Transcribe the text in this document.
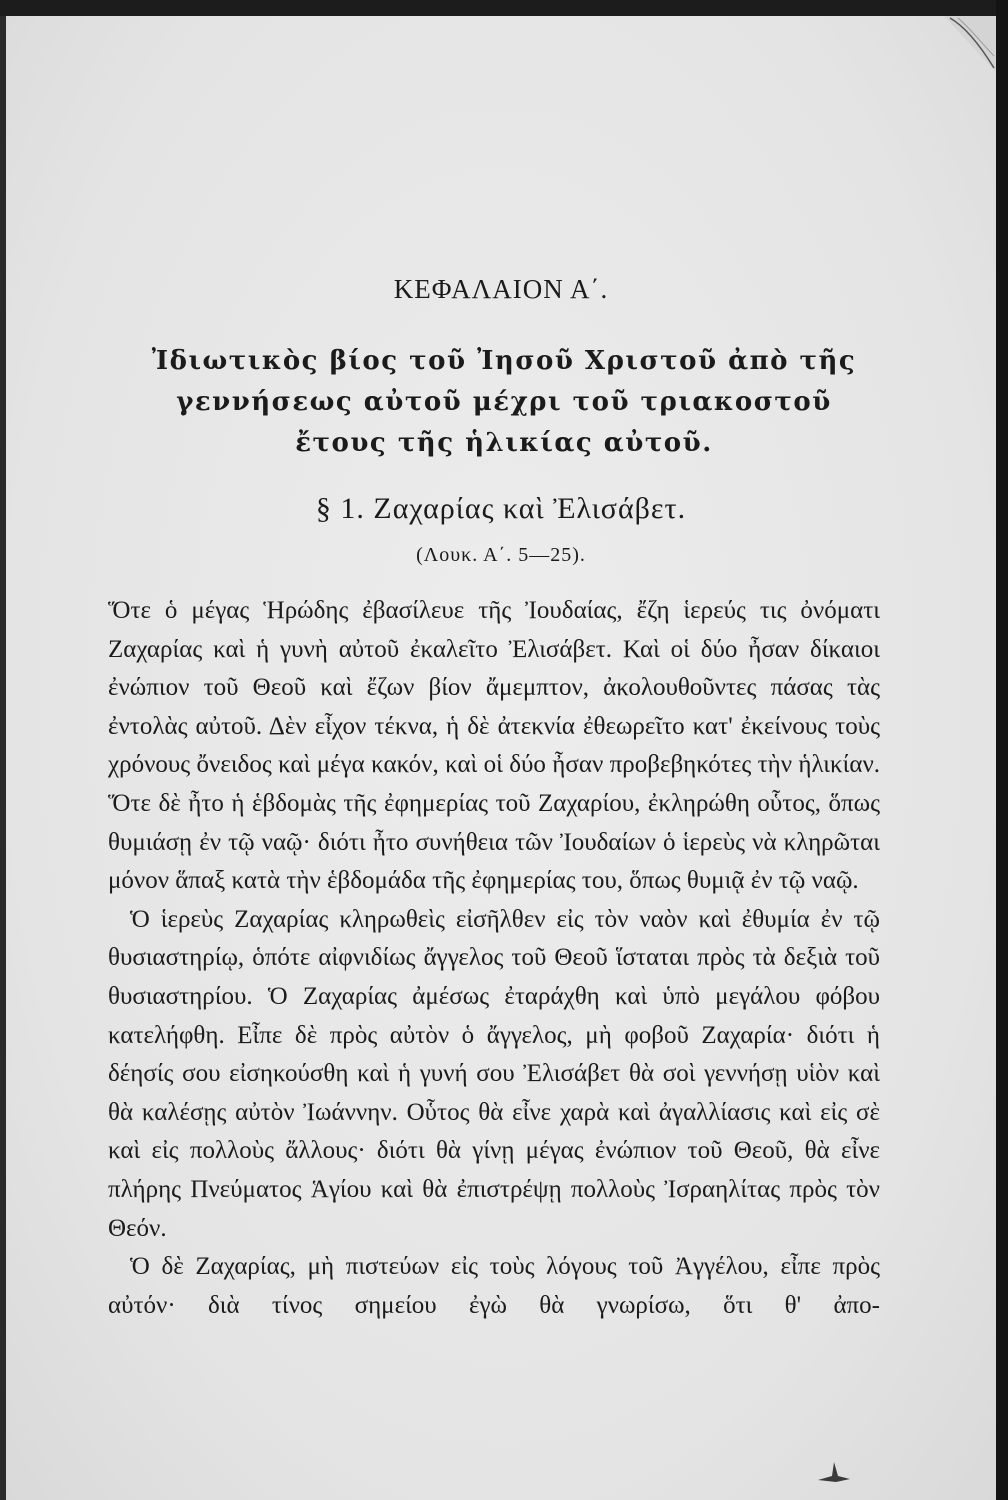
ΚΕΦΑΛΑΙΟΝ Α΄.
Ἰδιωτικὸς βίος τοῦ Ἰησοῦ Χριστοῦ ἀπὸ τῆς
γεννήσεως αὐτοῦ μέχρι τοῦ τριακοστοῦ
ἔτους τῆς ἡλικίας αὐτοῦ.
§ 1. Ζαχαρίας καὶ Ἐλισάβετ.
(Λουκ. Α΄. 5—25).

Ὅτε ὁ μέγας Ἡρώδης ἐβασίλευε τῆς Ἰουδαίας, ἔζη ἱερεύς τις ὀνόματι Ζαχαρίας καὶ ἡ γυνὴ αὐτοῦ ἐκαλεῖτο Ἐλισάβετ. Καὶ οἱ δύο ἦσαν δίκαιοι ἐνώπιον τοῦ Θεοῦ καὶ ἔζων βίον ἄμεμπτον, ἀκολουθοῦντες πάσας τὰς ἐντολὰς αὐτοῦ. Δὲν εἶχον τέκνα, ἡ δὲ ἀτεκνία ἐθεωρεῖτο κατ' ἐκείνους τοὺς χρόνους ὄνειδος καὶ μέγα κακόν, καὶ οἱ δύο ἦσαν προβεβηκότες τὴν ἡλικίαν. Ὅτε δὲ ἦτο ἡ ἑβδομὰς τῆς ἐφημερίας τοῦ Ζαχαρίου, ἐκληρώθη οὗτος, ὅπως θυμιάσῃ ἐν τῷ ναῷ· διότι ἦτο συνήθεια τῶν Ἰουδαίων ὁ ἱερεὺς νὰ κληρῶται μόνον ἅπαξ κατὰ τὴν ἑβδομάδα τῆς ἐφημερίας του, ὅπως θυμιᾷ ἐν τῷ ναῷ.

Ὁ ἱερεὺς Ζαχαρίας κληρωθεὶς εἰσῆλθεν εἰς τὸν ναὸν καὶ ἐθυμία ἐν τῷ θυσιαστηρίῳ, ὁπότε αἰφνιδίως ἄγγελος τοῦ Θεοῦ ἵσταται πρὸς τὰ δεξιὰ τοῦ θυσιαστηρίου. Ὁ Ζαχαρίας ἀμέσως ἐταράχθη καὶ ὑπὸ μεγάλου φόβου κατελήφθη. Εἶπε δὲ πρὸς αὐτὸν ὁ ἄγγελος, μὴ φοβοῦ Ζαχαρία· διότι ἡ δέησίς σου εἰσηκούσθη καὶ ἡ γυνή σου Ἐλισάβετ θὰ σοὶ γεννήσῃ υἱὸν καὶ θὰ καλέσῃς αὐτὸν Ἰωάννην. Οὗτος θὰ εἶνε χαρὰ καὶ ἀγαλλίασις καὶ εἰς σὲ καὶ εἰς πολλοὺς ἄλλους· διότι θὰ γίνῃ μέγας ἐνώπιον τοῦ Θεοῦ, θὰ εἶνε πλήρης Πνεύματος Ἁγίου καὶ θὰ ἐπιστρέψῃ πολλοὺς Ἰσραηλίτας πρὸς τὸν Θεόν.

Ὁ δὲ Ζαχαρίας, μὴ πιστεύων εἰς τοὺς λόγους τοῦ Ἀγγέλου, εἶπε πρὸς αὐτόν· διὰ τίνος σημείου ἐγὼ θὰ γνωρίσω, ὅτι θ' ἀπο-
